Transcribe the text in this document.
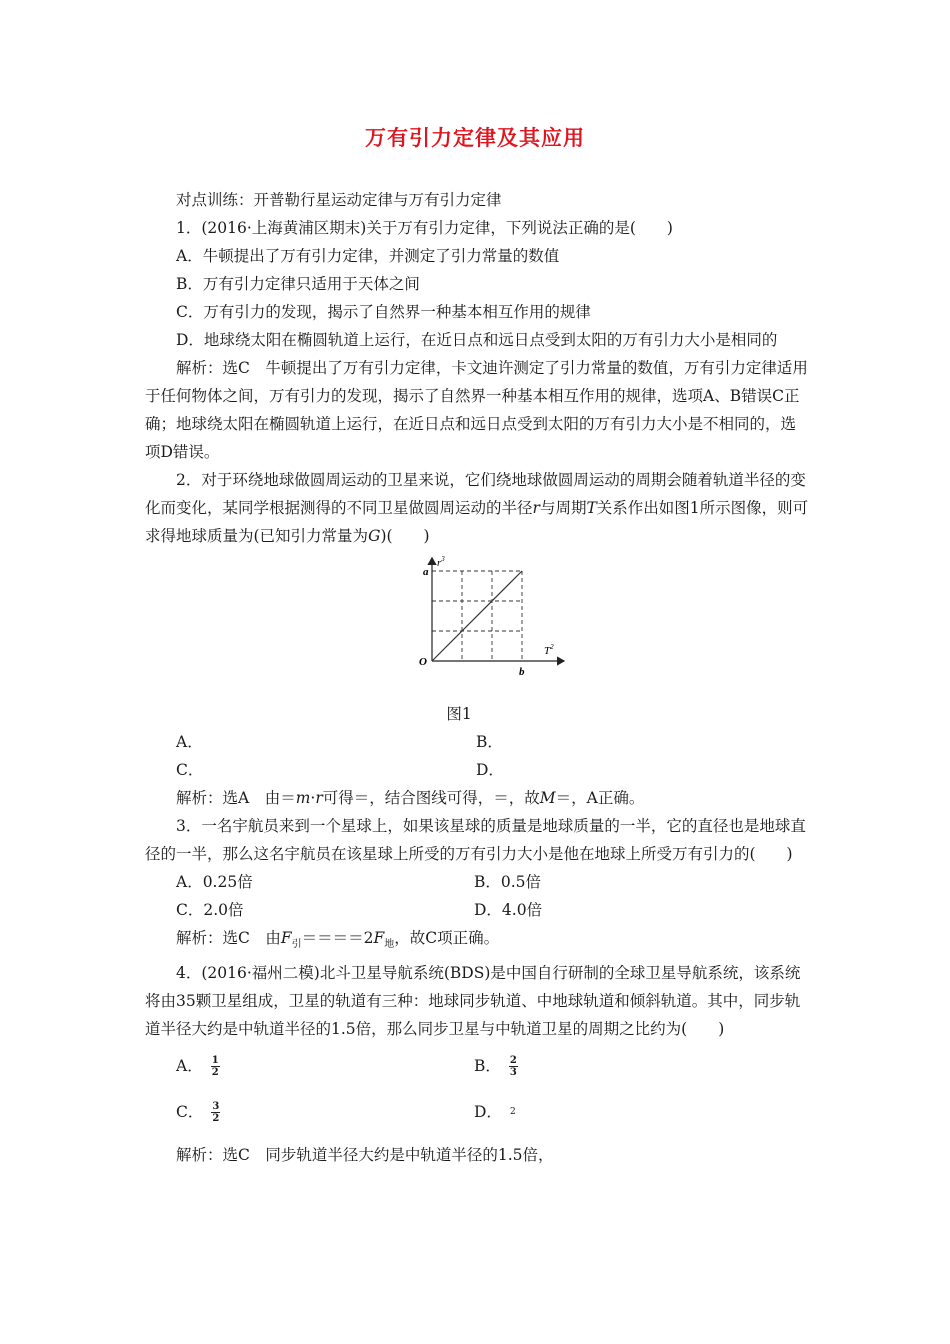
万有引力定律及其应用

对点训练：开普勒行星运动定律与万有引力定律

1．(2016·上海黄浦区期末)关于万有引力定律，下列说法正确的是(　　)

A．牛顿提出了万有引力定律，并测定了引力常量的数值

B．万有引力定律只适用于天体之间

C．万有引力的发现，揭示了自然界一种基本相互作用的规律

D．地球绕太阳在椭圆轨道上运行，在近日点和远日点受到太阳的万有引力大小是相同的

解析：选C　牛顿提出了万有引力定律，卡文迪许测定了引力常量的数值，万有引力定律适用于任何物体之间，万有引力的发现，揭示了自然界一种基本相互作用的规律，选项A、B错误C正确；地球绕太阳在椭圆轨道上运行，在近日点和远日点受到太阳的万有引力大小是不相同的，选项D错误。

2．对于环绕地球做圆周运动的卫星来说，它们绕地球做圆周运动的周期会随着轨道半径的变化而变化，某同学根据测得的不同卫星做圆周运动的半径r与周期T关系作出如图1所示图像，则可求得地球质量为(已知引力常量为G)(　　)

$r^3$
$T^2$
a
b
O

图1

A．	B．
C．	D．

解析：选A　由＝m·r可得＝，结合图线可得，＝，故M＝，A正确。

3．一名宇航员来到一个星球上，如果该星球的质量是地球质量的一半，它的直径也是地球直径的一半，那么这名宇航员在该星球上所受的万有引力大小是他在地球上所受万有引力的(　　)

A．0.25倍	B．0.5倍
C．2.0倍	D．4.0倍

解析：选C　由$F_引====2F_地$，故C项正确。

4．(2016·福州二模)北斗卫星导航系统(BDS)是中国自行研制的全球卫星导航系统，该系统将由35颗卫星组成，卫星的轨道有三种：地球同步轨道、中地球轨道和倾斜轨道。其中，同步轨道半径大约是中轨道半径的1.5倍，那么同步卫星与中轨道卫星的周期之比约为(　　)

A． $\frac{1}{2}$	B． $\frac{2}{3}$
C． $\frac{3}{2}$	D． 2

解析：选C　同步轨道半径大约是中轨道半径的1.5倍，
